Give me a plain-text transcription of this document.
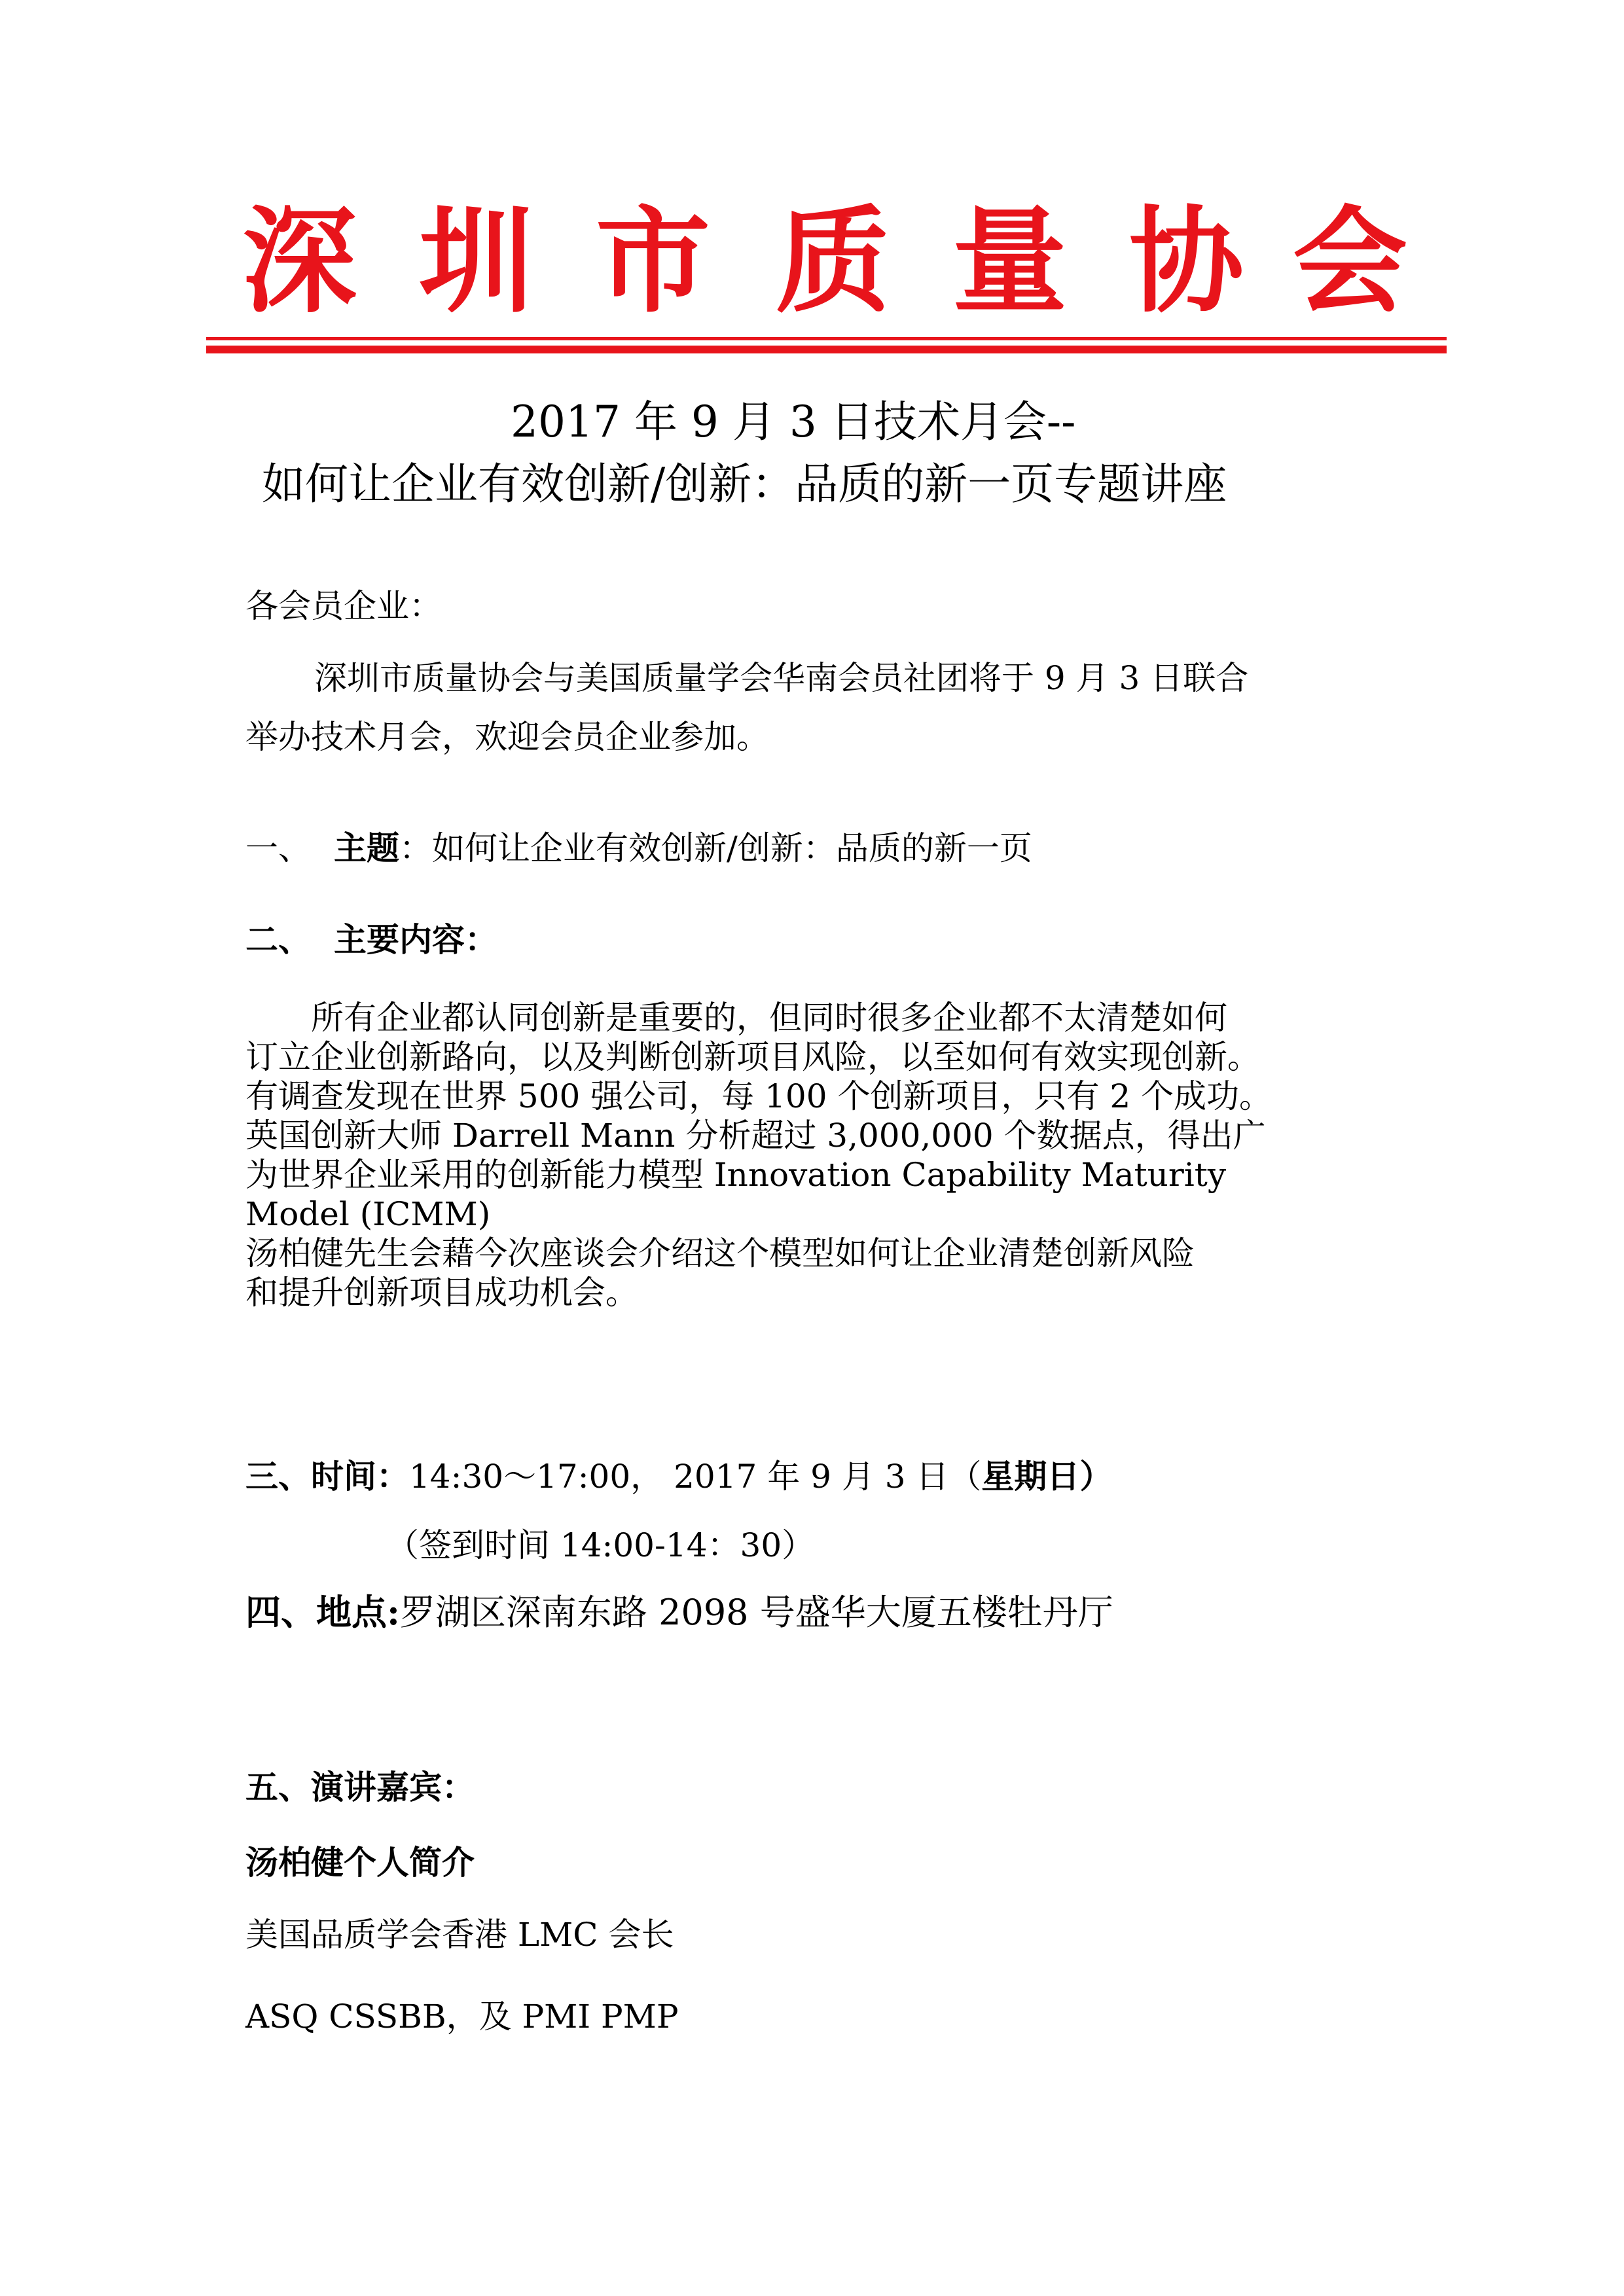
深 圳 市 质 量 协 会
2017 年 9 月 3 日技术月会--
如何让企业有效创新/创新：品质的新一页专题讲座
各会员企业：
深圳市质量协会与美国质量学会华南会员社团将于 9 月 3 日联合
举办技术月会，欢迎会员企业参加。
一、 主题：如何让企业有效创新/创新：品质的新一页
二、 主要内容：
　　所有企业都认同创新是重要的，但同时很多企业都不太清楚如何
订立企业创新路向，以及判断创新项目风险，以至如何有效实现创新。
有调查发现在世界 500 强公司，每 100 个创新项目，只有 2 个成功。
英国创新大师 Darrell Mann 分析超过 3,000,000 个数据点，得出广
为世界企业采用的创新能力模型 Innovation Capability Maturity
Model (ICMM)
汤柏健先生会藉今次座谈会介绍这个模型如何让企业清楚创新风险
和提升创新项目成功机会。
三、时间：14:30～17:00， 2017 年 9 月 3 日（星期日）
（签到时间 14:00-14：30）
四、地点:罗湖区深南东路 2098 号盛华大厦五楼牡丹厅
五、演讲嘉宾：
汤柏健个人简介
美国品质学会香港 LMC 会长
ASQ CSSBB，及 PMI PMP
